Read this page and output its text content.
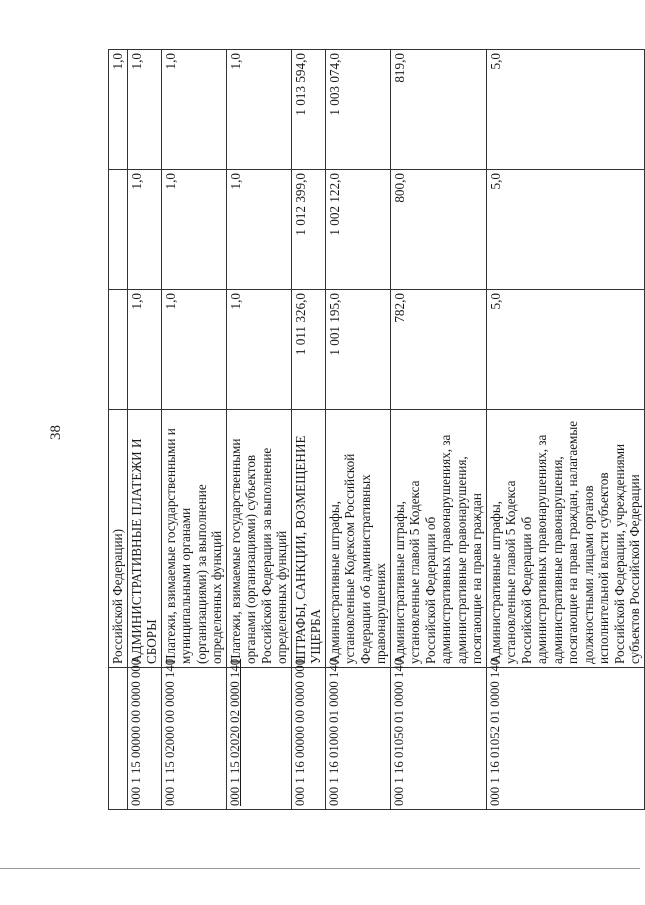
38
	Российской Федерации)			1,0
000 1 15 00000 00 0000 000	АДМИНИСТРАТИВНЫЕ ПЛАТЕЖИ И СБОРЫ	1,0	1,0	1,0
000 1 15 02000 00 0000 140	Платежи, взимаемые государственными и муниципальными органами (организациями) за выполнение определенных функций	1,0	1,0	1,0
000 1 15 02020 02 0000 140	Платежи, взимаемые государственными органами (организациями) субъектов Российской Федерации за выполнение определенных функций	1,0	1,0	1,0
000 1 16 00000 00 0000 000	ШТРАФЫ, САНКЦИИ, ВОЗМЕЩЕНИЕ УЩЕРБА	1 011 326,0	1 012 399,0	1 013 594,0
000 1 16 01000 01 0000 140	Административные штрафы, установленные Кодексом Российской Федерации об административных правонарушениях	1 001 195,0	1 002 122,0	1 003 074,0
000 1 16 01050 01 0000 140	Административные штрафы, установленные главой 5 Кодекса Российской Федерации об административных правонарушениях, за административные правонарушения, посягающие на права граждан	782,0	800,0	819,0
000 1 16 01052 01 0000 140	Административные штрафы, установленные главой 5 Кодекса Российской Федерации об административных правонарушениях, за административные правонарушения, посягающие на права граждан, налагаемые должностными лицами органов исполнительной власти субъектов Российской Федерации, учреждениями субъектов Российской Федерации	5,0	5,0	5,0
